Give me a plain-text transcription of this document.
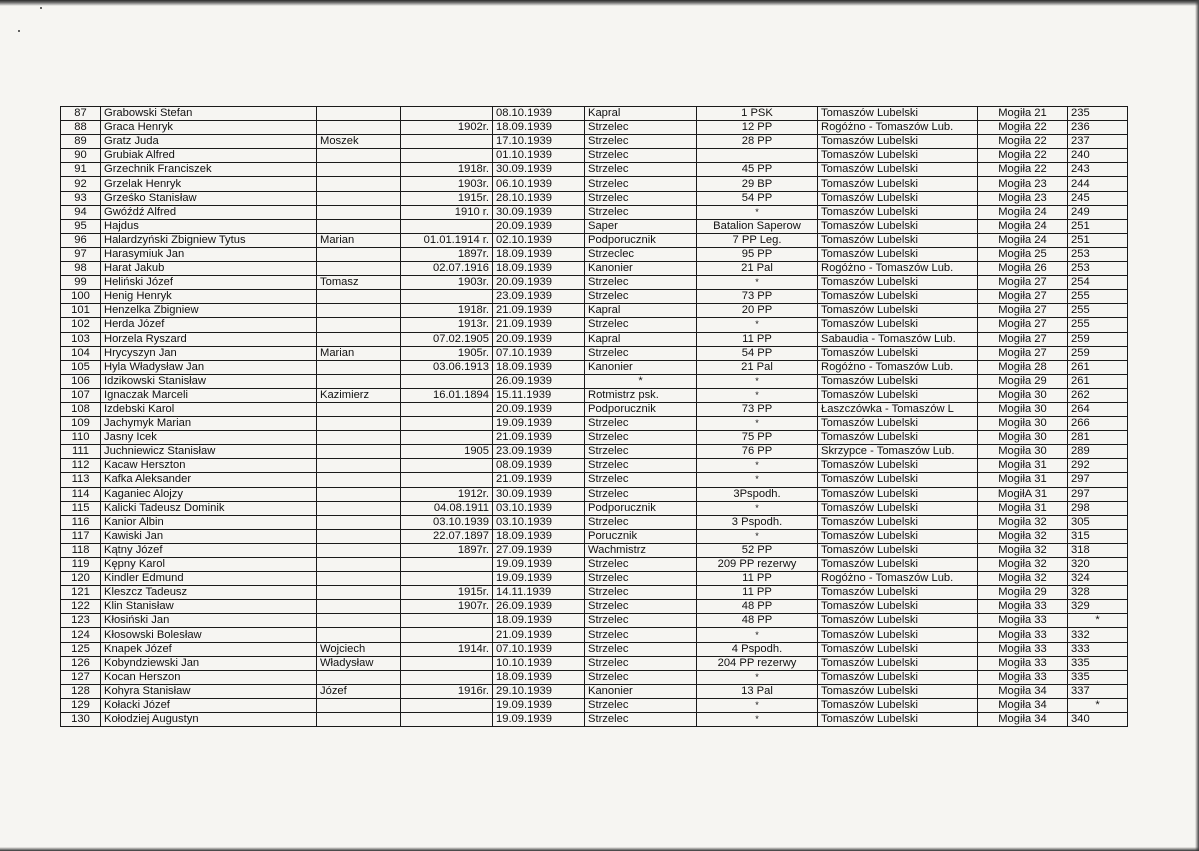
87	Grabowski Stefan			08.10.1939	Kapral	1 PSK	Tomaszów Lubelski	Mogiła 21	235
88	Graca Henryk		1902r.	18.09.1939	Strzelec	12 PP	Rogóżno - Tomaszów Lub.	Mogiła 22	236
89	Gratz Juda	Moszek		17.10.1939	Strzelec	28 PP	Tomaszów Lubelski	Mogiła 22	237
90	Grubiak Alfred			01.10.1939	Strzelec		Tomaszów Lubelski	Mogiła 22	240
91	Grzechnik Franciszek		1918r.	30.09.1939	Strzelec	45 PP	Tomaszów Lubelski	Mogiła 22	243
92	Grzelak Henryk		1903r.	06.10.1939	Strzelec	29 BP	Tomaszów Lubelski	Mogiła 23	244
93	Grześko Stanisław		1915r.	28.10.1939	Strzelec	54 PP	Tomaszów Lubelski	Mogiła 23	245
94	Gwóźdź Alfred		1910 r.	30.09.1939	Strzelec	*	Tomaszów Lubelski	Mogiła 24	249
95	Hajdus			20.09.1939	Saper	Batalion Saperow	Tomaszów Lubelski	Mogiła 24	251
96	Halardzyński Zbigniew Tytus	Marian	01.01.1914 r.	02.10.1939	Podporucznik	7 PP Leg.	Tomaszów Lubelski	Mogiła 24	251
97	Harasymiuk Jan		1897r.	18.09.1939	Strzeclec	95 PP	Tomaszów Lubelski	Mogiła 25	253
98	Harat Jakub		02.07.1916	18.09.1939	Kanonier	21 Pal	Rogóżno - Tomaszów Lub.	Mogiła 26	253
99	Heliński Józef	Tomasz	1903r.	20.09.1939	Strzelec	*	Tomaszów Lubelski	Mogiła 27	254
100	Henig Henryk			23.09.1939	Strzelec	73 PP	Tomaszów Lubelski	Mogiła 27	255
101	Henzelka Zbigniew		1918r.	21.09.1939	Kapral	20 PP	Tomaszów Lubelski	Mogiła 27	255
102	Herda Józef		1913r.	21.09.1939	Strzelec	*	Tomaszów Lubelski	Mogiła 27	255
103	Horzela Ryszard		07.02.1905	20.09.1939	Kapral	11 PP	Sabaudia - Tomaszów Lub.	Mogiła 27	259
104	Hrycyszyn Jan	Marian	1905r.	07.10.1939	Strzelec	54 PP	Tomaszów Lubelski	Mogiła 27	259
105	Hyla Władysław Jan		03.06.1913	18.09.1939	Kanonier	21 Pal	Rogóżno - Tomaszów Lub.	Mogiła 28	261
106	Idzikowski Stanisław			26.09.1939	*	*	Tomaszów Lubelski	Mogiła 29	261
107	Ignaczak Marceli	Kazimierz	16.01.1894	15.11.1939	Rotmistrz psk.	*	Tomaszów Lubelski	Mogiła 30	262
108	Izdebski Karol			20.09.1939	Podporucznik	73 PP	Łaszczówka - Tomaszów L	Mogiła 30	264
109	Jachymyk Marian			19.09.1939	Strzelec	*	Tomaszów Lubelski	Mogiła 30	266
110	Jasny Icek			21.09.1939	Strzelec	75 PP	Tomaszów Lubelski	Mogiła 30	281
111	Juchniewicz Stanisław		1905	23.09.1939	Strzelec	76 PP	Skrzypce - Tomaszów Lub.	Mogiła 30	289
112	Kacaw Herszton			08.09.1939	Strzelec	*	Tomaszów Lubelski	Mogiła 31	292
113	Kafka Aleksander			21.09.1939	Strzelec	*	Tomaszów Lubelski	Mogiła 31	297
114	Kaganiec Alojzy		1912r.	30.09.1939	Strzelec	3Pspodh.	Tomaszów Lubelski	MogiłA 31	297
115	Kalicki Tadeusz Dominik		04.08.1911	03.10.1939	Podporucznik	*	Tomaszów Lubelski	Mogiła 31	298
116	Kanior Albin		03.10.1939	03.10.1939	Strzelec	3 Pspodh.	Tomaszów Lubelski	Mogiła 32	305
117	Kawiski Jan		22.07.1897	18.09.1939	Porucznik	*	Tomaszów Lubelski	Mogiła 32	315
118	Kątny Józef		1897r.	27.09.1939	Wachmistrz	52 PP	Tomaszów Lubelski	Mogiła 32	318
119	Kępny Karol			19.09.1939	Strzelec	209 PP rezerwy	Tomaszów Lubelski	Mogiła 32	320
120	Kindler Edmund			19.09.1939	Strzelec	11 PP	Rogóżno - Tomaszów Lub.	Mogiła 32	324
121	Kleszcz Tadeusz		1915r.	14.11.1939	Strzelec	11 PP	Tomaszów Lubelski	Mogiła 29	328
122	Klin Stanisław		1907r.	26.09.1939	Strzelec	48 PP	Tomaszów Lubelski	Mogiła 33	329
123	Kłosiński Jan			18.09.1939	Strzelec	48 PP	Tomaszów Lubelski	Mogiła 33	*
124	Kłosowski Bolesław			21.09.1939	Strzelec	*	Tomaszów Lubelski	Mogiła 33	332
125	Knapek Józef	Wojciech	1914r.	07.10.1939	Strzelec	4 Pspodh.	Tomaszów Lubelski	Mogiła 33	333
126	Kobyndziewski Jan	Władysław		10.10.1939	Strzelec	204 PP rezerwy	Tomaszów Lubelski	Mogiła 33	335
127	Kocan Herszon			18.09.1939	Strzelec	*	Tomaszów Lubelski	Mogiła 33	335
128	Kohyra Stanisław	Józef	1916r.	29.10.1939	Kanonier	13 Pal	Tomaszów Lubelski	Mogiła 34	337
129	Kołacki Józef			19.09.1939	Strzelec	*	Tomaszów Lubelski	Mogiła 34	*
130	Kołodziej Augustyn			19.09.1939	Strzelec	*	Tomaszów Lubelski	Mogiła 34	340
